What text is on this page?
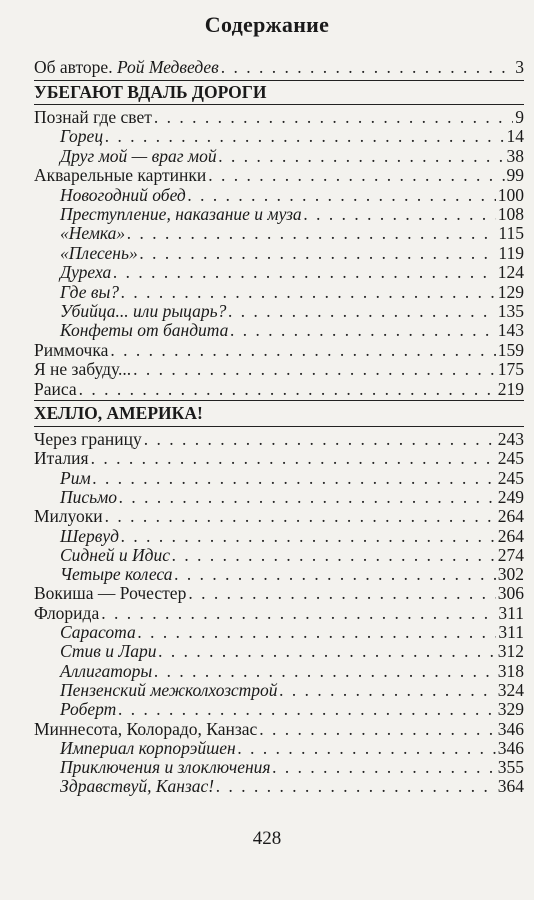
Содержание
Об авторе. Рой Медведев . . .	3
УБЕГАЮТ ВДАЛЬ ДОРОГИ
Познай где свет . . .	9
Горец . . .	14
Друг мой — враг мой . . .	38
Акварельные картинки . . .	99
Новогодний обед . . .	100
Преступление, наказание и муза . . .	108
«Немка» . . .	115
«Плесень» . . .	119
Дуреха . . .	124
Где вы? . . .	129
Убийца... или рыцарь? . . .	135
Конфеты от бандита . . .	143
Риммочка . . .	159
Я не забуду... . . .	175
Раиса . . .	219
ХЕЛЛО, АМЕРИКА!
Через границу . . .	243
Италия . . .	245
Рим . . .	245
Письмо . . .	249
Милуоки . . .	264
Шервуд . . .	264
Сидней и Идис . . .	274
Четыре колеса . . .	302
Вокиша — Рочестер . . .	306
Флорида . . .	311
Сарасота . . .	311
Стив и Лари . . .	312
Аллигаторы . . .	318
Пензенский межколхозстрой . . .	324
Роберт . . .	329
Миннесота, Колорадо, Канзас . . .	346
Империал корпорэйшен . . .	346
Приключения и злоключения . . .	355
Здравствуй, Канзас! . . .	364
428
